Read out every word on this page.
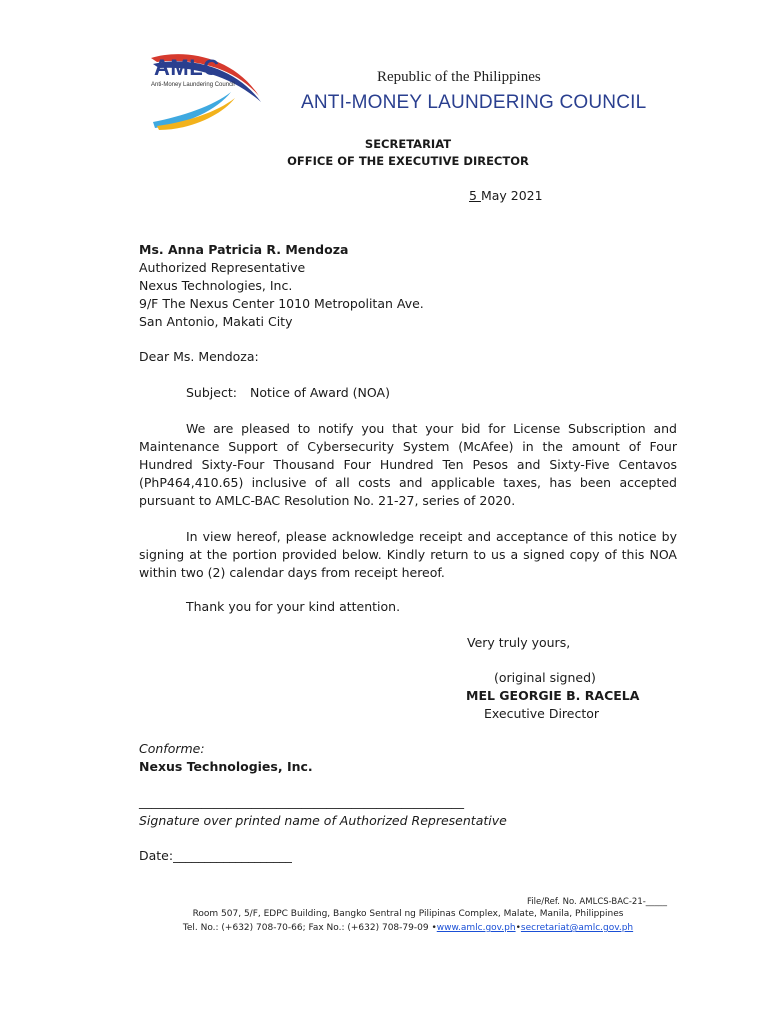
AMLC
Anti-Money Laundering Council	Republic of the Philippines
ANTI-MONEY LAUNDERING COUNCIL
SECRETARIAT
OFFICE OF THE EXECUTIVE DIRECTOR
5 May 2021
Ms. Anna Patricia R. Mendoza
Authorized Representative
Nexus Technologies, Inc.
9/F The Nexus Center 1010 Metropolitan Ave.
San Antonio, Makati City
Dear Ms. Mendoza:
Subject: Notice of Award (NOA)
We are pleased to notify you that your bid for License Subscription and Maintenance Support of Cybersecurity System (McAfee) in the amount of Four Hundred Sixty-Four Thousand Four Hundred Ten Pesos and Sixty-Five Centavos (PhP464,410.65) inclusive of all costs and applicable taxes, has been accepted pursuant to AMLC-BAC Resolution No. 21-27, series of 2020.
In view hereof, please acknowledge receipt and acceptance of this notice by signing at the portion provided below. Kindly return to us a signed copy of this NOA within two (2) calendar days from receipt hereof.
Thank you for your kind attention.
Very truly yours,
(original signed)
MEL GEORGIE B. RACELA
Executive Director
Conforme:
Nexus Technologies, Inc.
____________________________________________________
Signature over printed name of Authorized Representative
Date:___________________
File/Ref. No. AMLCS-BAC-21-_____
Room 507, 5/F, EDPC Building, Bangko Sentral ng Pilipinas Complex, Malate, Manila, Philippines
Tel. No.: (+632) 708-70-66; Fax No.: (+632) 708-79-09 •www.amlc.gov.ph•secretariat@amlc.gov.ph
